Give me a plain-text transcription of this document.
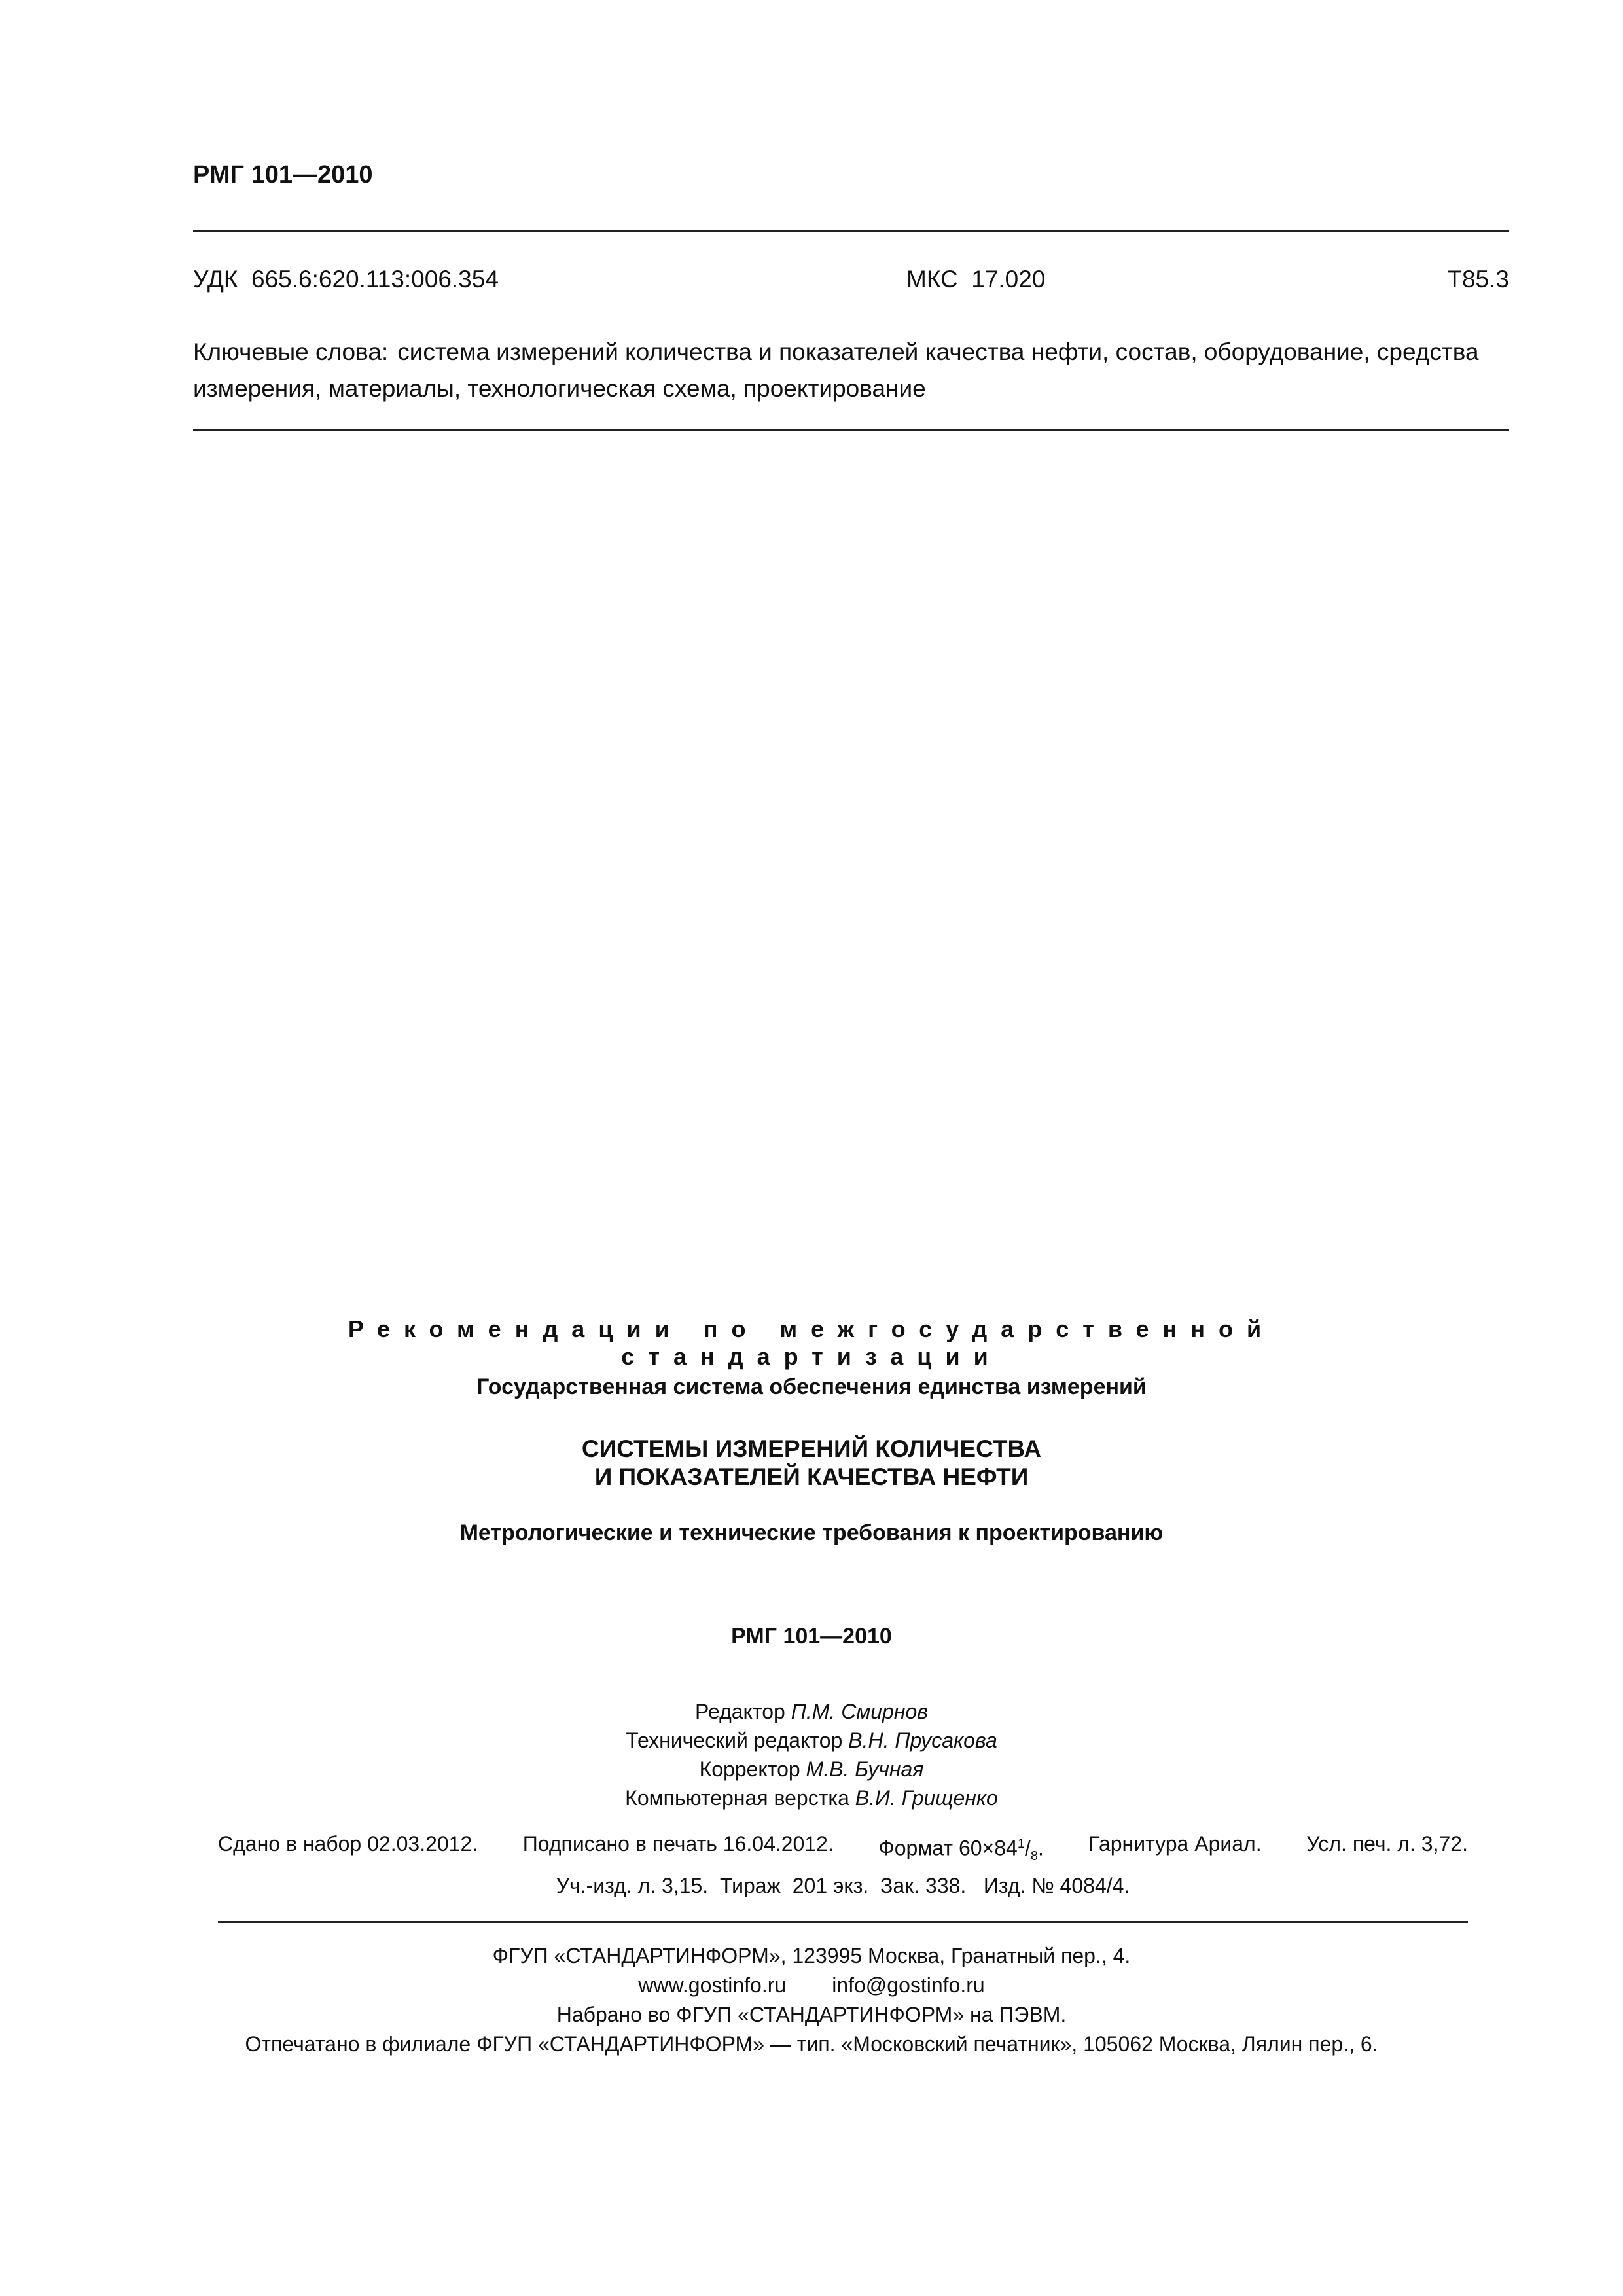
РМГ 101—2010
УДК  665.6:620.113:006.354	МКС  17.020	Т85.3
Ключевые слова: система измерений количества и показателей качества нефти, состав, оборудование, средства измерения, материалы, технологическая схема, проектирование
Рекомендации по межгосударственной стандартизации
Государственная система обеспечения единства измерений
СИСТЕМЫ ИЗМЕРЕНИЙ КОЛИЧЕСТВА
И ПОКАЗАТЕЛЕЙ КАЧЕСТВА НЕФТИ
Метрологические и технические требования к проектированию
РМГ 101—2010
Редактор П.М. Смирнов
Технический редактор В.Н. Прусакова
Корректор М.В. Бучная
Компьютерная верстка В.И. Грищенко
Сдано в набор 02.03.2012. Подписано в печать 16.04.2012. Формат $60\times 84^1/_8$. Гарнитура Ариал. Усл. печ. л. 3,72.
Уч.-изд. л. 3,15.  Тираж  201 экз.  Зак. 338.   Изд. № 4084/4.
ФГУП «СТАНДАРТИНФОРМ», 123995 Москва, Гранатный пер., 4.
www.gostinfo.ru info@gostinfo.ru
Набрано во ФГУП «СТАНДАРТИНФОРМ» на ПЭВМ.
Отпечатано в филиале ФГУП «СТАНДАРТИНФОРМ» — тип. «Московский печатник», 105062 Москва, Лялин пер., 6.
